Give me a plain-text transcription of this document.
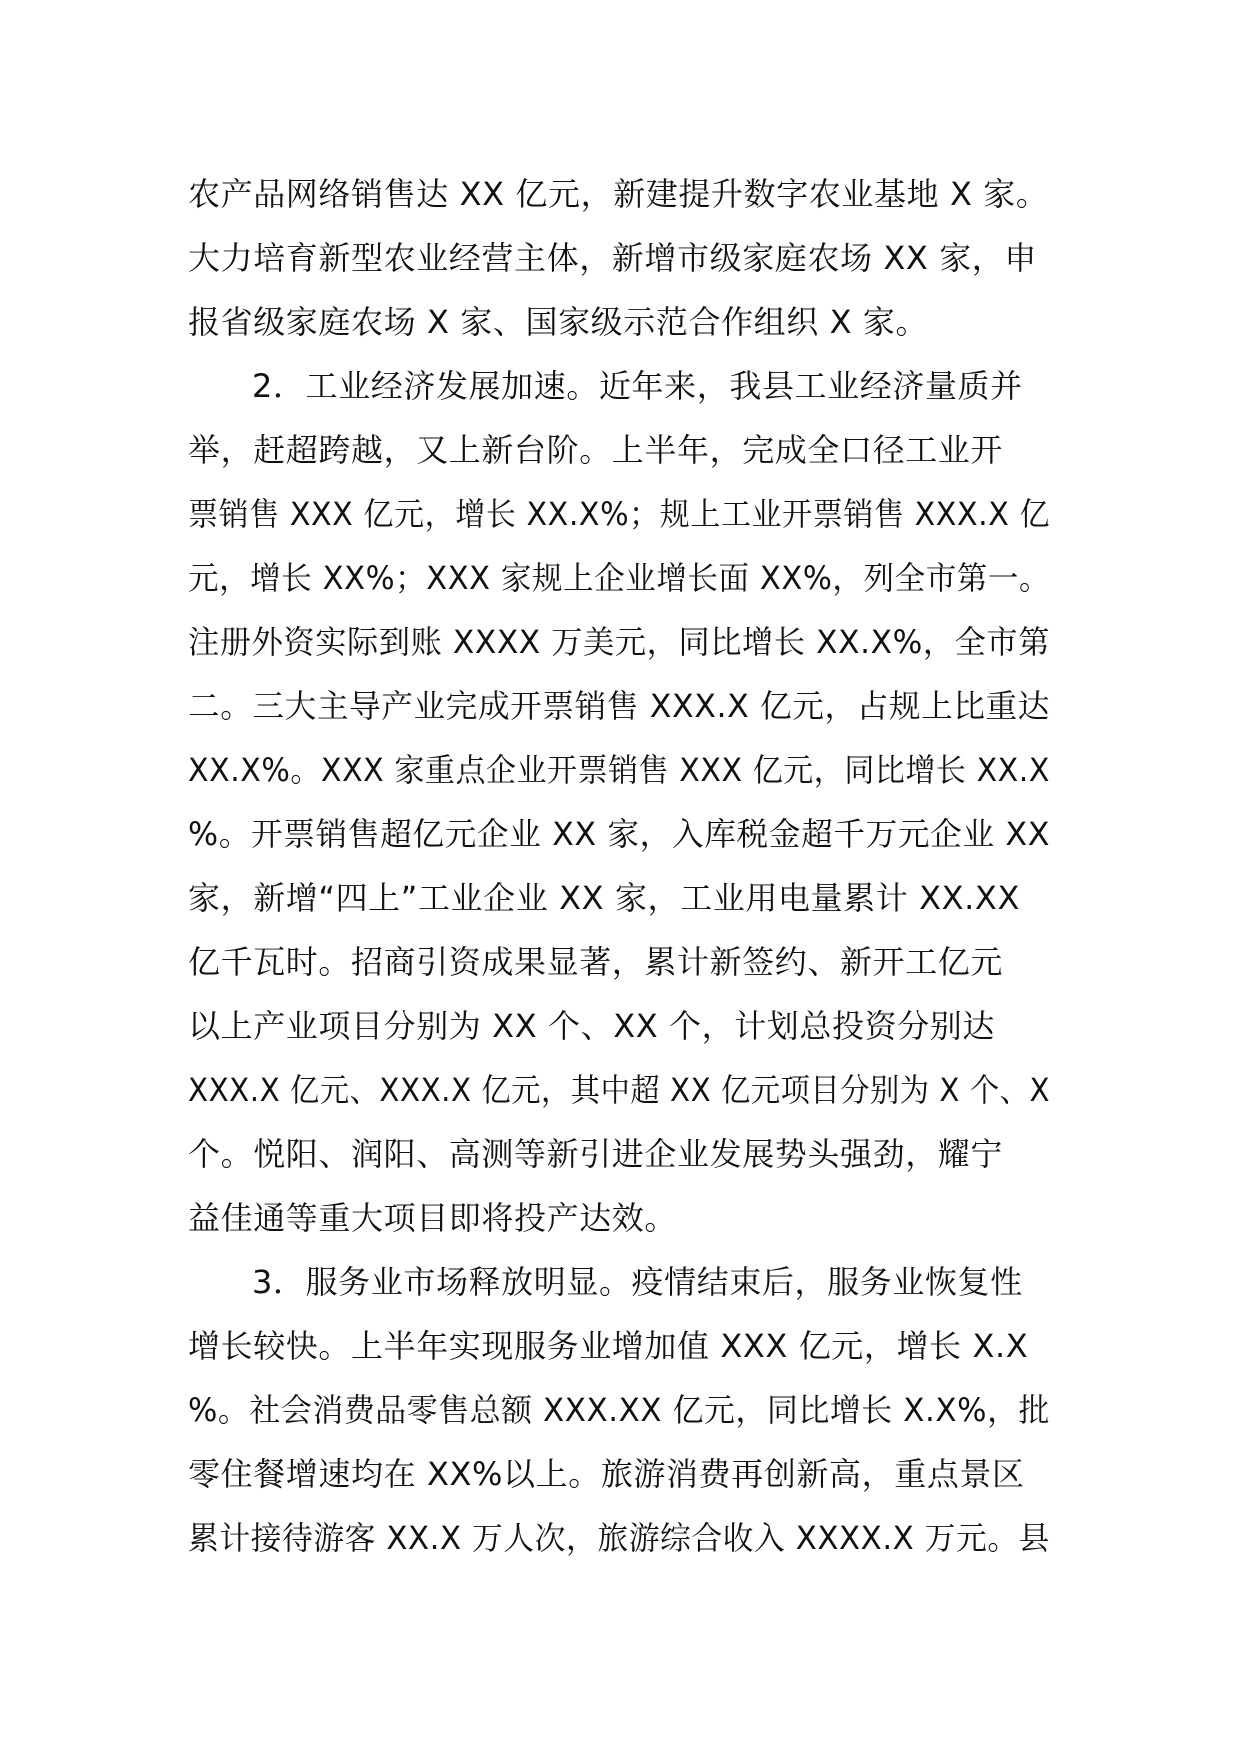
农产品网络销售达 XX 亿元，新建提升数字农业基地 X 家。
大力培育新型农业经营主体，新增市级家庭农场 XX 家，申
报省级家庭农场 X 家、国家级示范合作组织 X 家。
2．工业经济发展加速。近年来，我县工业经济量质并
举，赶超跨越，又上新台阶。上半年，完成全口径工业开
票销售 XXX 亿元，增长 XX.X%；规上工业开票销售 XXX.X 亿
元，增长 XX%；XXX 家规上企业增长面 XX%，列全市第一。
注册外资实际到账 XXXX 万美元，同比增长 XX.X%，全市第
二。三大主导产业完成开票销售 XXX.X 亿元，占规上比重达
XX.X%。XXX 家重点企业开票销售 XXX 亿元，同比增长 XX.X
%。开票销售超亿元企业 XX 家，入库税金超千万元企业 XX
家，新增“四上”工业企业 XX 家，工业用电量累计 XX.XX
亿千瓦时。招商引资成果显著，累计新签约、新开工亿元
以上产业项目分别为 XX 个、XX 个，计划总投资分别达
XXX.X 亿元、XXX.X 亿元，其中超 XX 亿元项目分别为 X 个、X
个。悦阳、润阳、高测等新引进企业发展势头强劲，耀宁
益佳通等重大项目即将投产达效。
3．服务业市场释放明显。疫情结束后，服务业恢复性
增长较快。上半年实现服务业增加值 XXX 亿元，增长 X.X
%。社会消费品零售总额 XXX.XX 亿元，同比增长 X.X%，批
零住餐增速均在 XX%以上。旅游消费再创新高，重点景区
累计接待游客 XX.X 万人次，旅游综合收入 XXXX.X 万元。县
